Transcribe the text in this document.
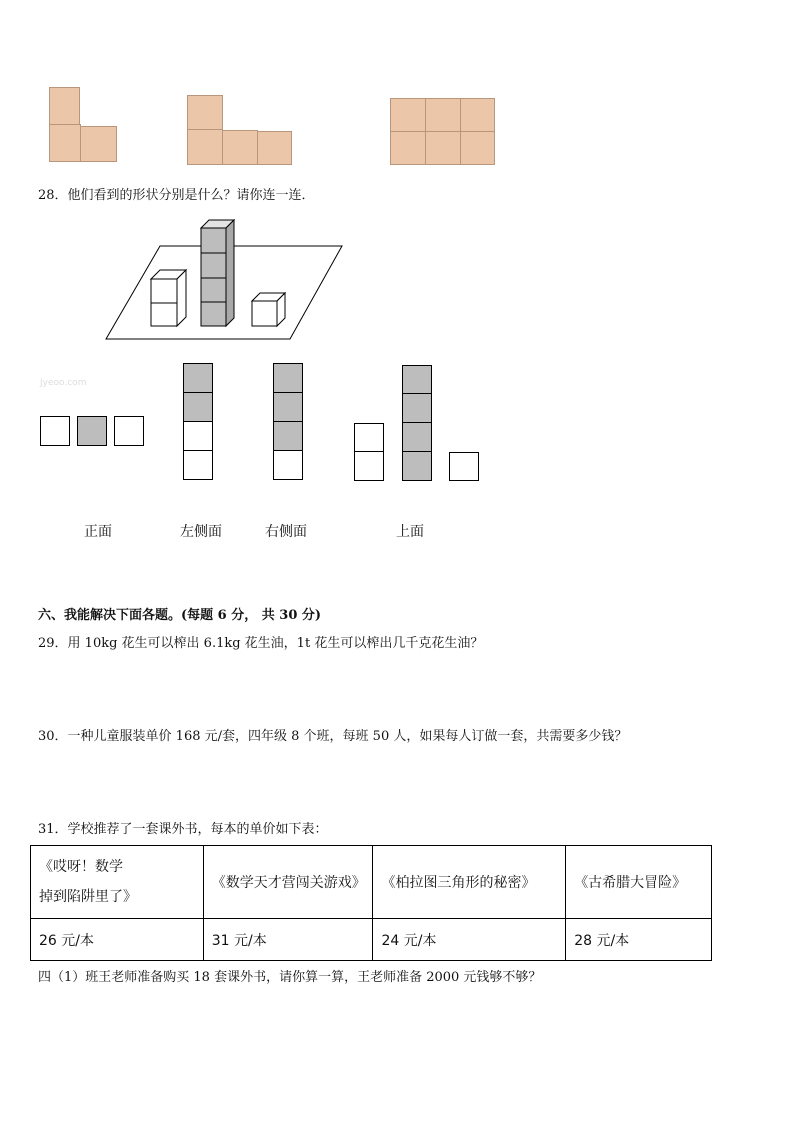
28．他们看到的形状分别是什么？请你连一连．
Jyeoo.com
正面	左侧面	右侧面	上面
六、我能解决下面各题。(每题 6 分， 共 30 分)
29．用 10kg 花生可以榨出 6.1kg 花生油，1t 花生可以榨出几千克花生油？
30．一种儿童服装单价 168 元/套，四年级 8 个班，每班 50 人，如果每人订做一套，共需要多少钱？
31．学校推荐了一套课外书，每本的单价如下表：
《哎呀！数学
掉到陷阱里了》	《数学天才营闯关游戏》	《柏拉图三角形的秘密》	《古希腊大冒险》
26 元/本	31 元/本	24 元/本	28 元/本
四（1）班王老师准备购买 18 套课外书，请你算一算，王老师准备 2000 元钱够不够？
